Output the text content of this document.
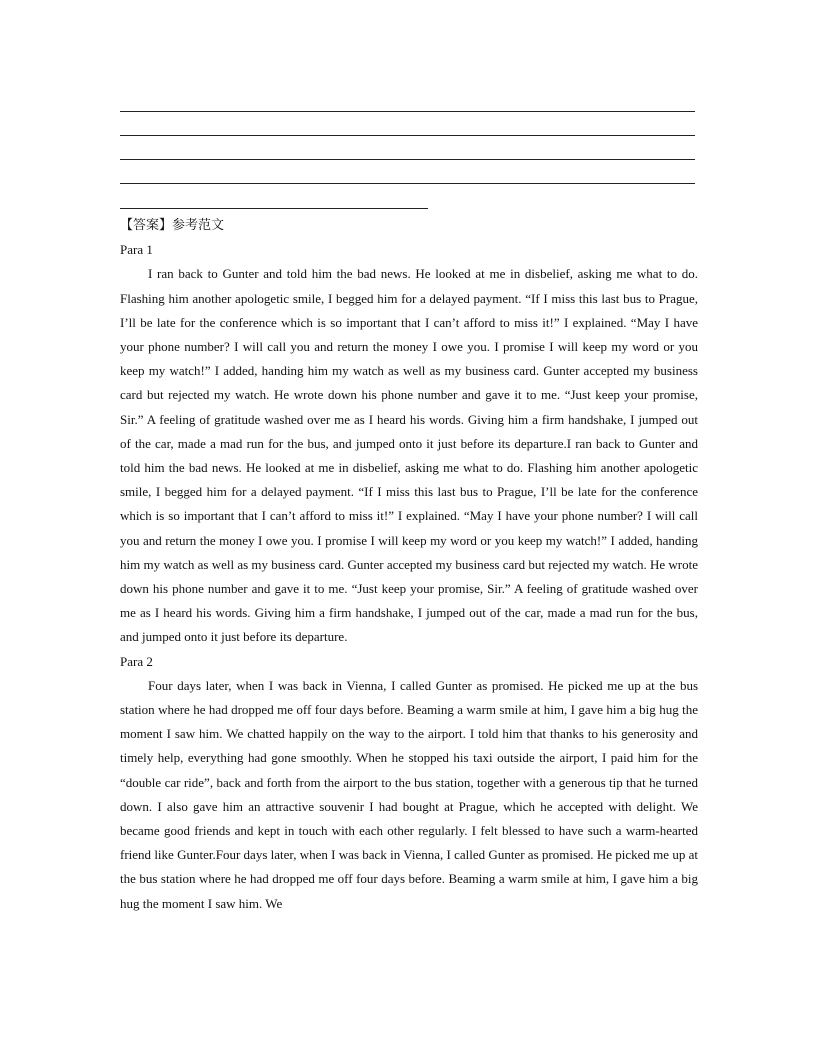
【答案】参考范文
Para 1

I ran back to Gunter and told him the bad news. He looked at me in disbelief, asking me what to do. Flashing him another apologetic smile, I begged him for a delayed payment. “If I miss this last bus to Prague, I’ll be late for the conference which is so important that I can’t afford to miss it!” I explained. “May I have your phone number? I will call you and return the money I owe you. I promise I will keep my word or you keep my watch!” I added, handing him my watch as well as my business card. Gunter accepted my business card but rejected my watch. He wrote down his phone number and gave it to me. “Just keep your promise, Sir.” A feeling of gratitude washed over me as I heard his words. Giving him a firm handshake, I jumped out of the car, made a mad run for the bus, and jumped onto it just before its departure.I ran back to Gunter and told him the bad news. He looked at me in disbelief, asking me what to do. Flashing him another apologetic smile, I begged him for a delayed payment. “If I miss this last bus to Prague, I’ll be late for the conference which is so important that I can’t afford to miss it!” I explained. “May I have your phone number? I will call you and return the money I owe you. I promise I will keep my word or you keep my watch!” I added, handing him my watch as well as my business card. Gunter accepted my business card but rejected my watch. He wrote down his phone number and gave it to me. “Just keep your promise, Sir.” A feeling of gratitude washed over me as I heard his words. Giving him a firm handshake, I jumped out of the car, made a mad run for the bus, and jumped onto it just before its departure.

Para 2

Four days later, when I was back in Vienna, I called Gunter as promised. He picked me up at the bus station where he had dropped me off four days before. Beaming a warm smile at him, I gave him a big hug the moment I saw him. We chatted happily on the way to the airport. I told him that thanks to his generosity and timely help, everything had gone smoothly. When he stopped his taxi outside the airport, I paid him for the “double car ride”, back and forth from the airport to the bus station, together with a generous tip that he turned down. I also gave him an attractive souvenir I had bought at Prague, which he accepted with delight. We became good friends and kept in touch with each other regularly. I felt blessed to have such a warm-hearted friend like Gunter.Four days later, when I was back in Vienna, I called Gunter as promised. He picked me up at the bus station where he had dropped me off four days before. Beaming a warm smile at him, I gave him a big hug the moment I saw him. We
